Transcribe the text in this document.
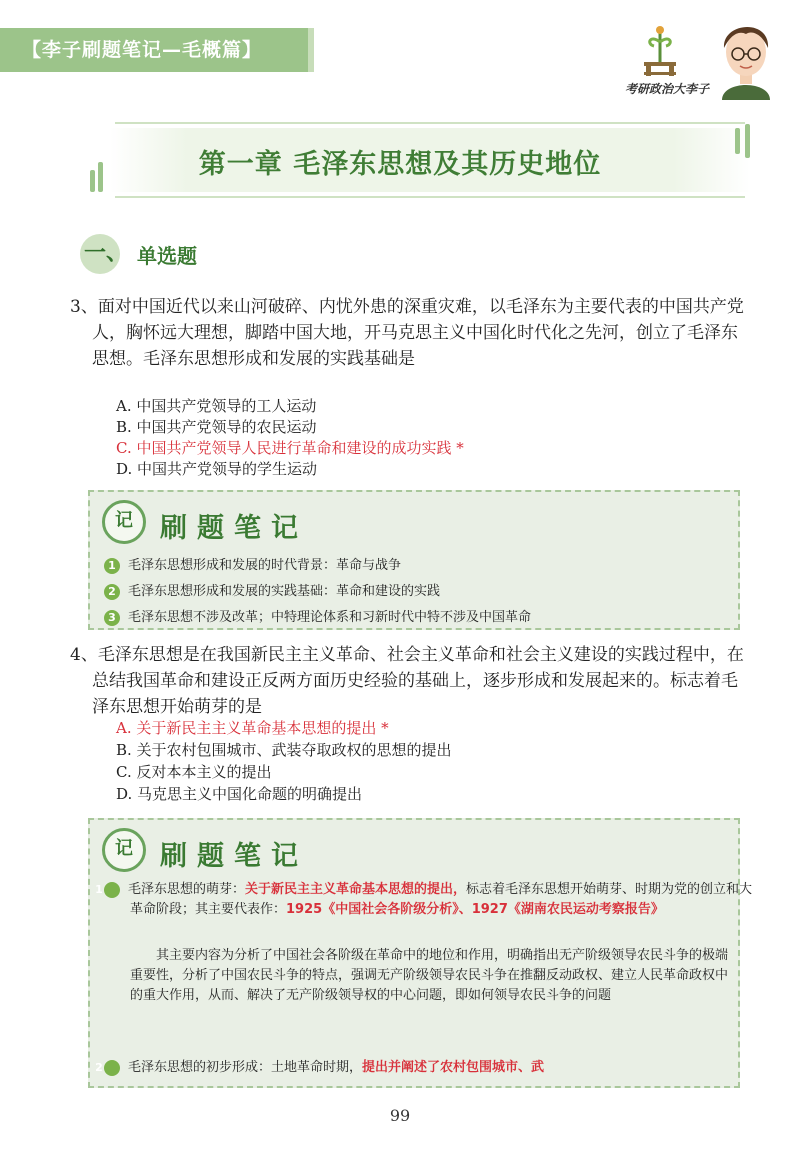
【李子刷题笔记—毛概篇】
考研政治大李子
第一章 毛泽东思想及其历史地位
一、 单选题

3、面对中国近代以来山河破碎、内忧外患的深重灾难，以毛泽东为主要代表的中国共产党人，胸怀远大理想，脚踏中国大地，开马克思主义中国化时代化之先河，创立了毛泽东思想。毛泽东思想形成和发展的实践基础是

A. 中国共产党领导的工人运动
B. 中国共产党领导的农民运动
C. 中国共产党领导人民进行革命和建设的成功实践 *
D. 中国共产党领导的学生运动
记	刷题笔记
1 毛泽东思想形成和发展的时代背景：革命与战争
2 毛泽东思想形成和发展的实践基础：革命和建设的实践
3 毛泽东思想不涉及改革；中特理论体系和习新时代中特不涉及中国革命

4、毛泽东思想是在我国新民主主义革命、社会主义革命和社会主义建设的实践过程中，在总结我国革命和建设正反两方面历史经验的基础上，逐步形成和发展起来的。标志着毛泽东思想开始萌芽的是

A. 关于新民主主义革命基本思想的提出 *
B. 关于农村包围城市、武装夺取政权的思想的提出
C. 反对本本主义的提出
D. 马克思主义中国化命题的明确提出
记	刷题笔记
1 毛泽东思想的萌芽：关于新民主主义革命基本思想的提出，标志着毛泽东思想开始萌芽、时期为党的创立和大革命阶段；其主要代表作：1925《中国社会各阶级分析》、1927《湖南农民运动考察报告》
其主要内容为分析了中国社会各阶级在革命中的地位和作用，明确指出无产阶级领导农民斗争的极端重要性，分析了中国农民斗争的特点，强调无产阶级领导农民斗争在推翻反动政权、建立人民革命政权中的重大作用，从而、解决了无产阶级领导权的中心问题，即如何领导农民斗争的问题
2 毛泽东思想的初步形成：土地革命时期，提出并阐述了农村包围城市、武
99
